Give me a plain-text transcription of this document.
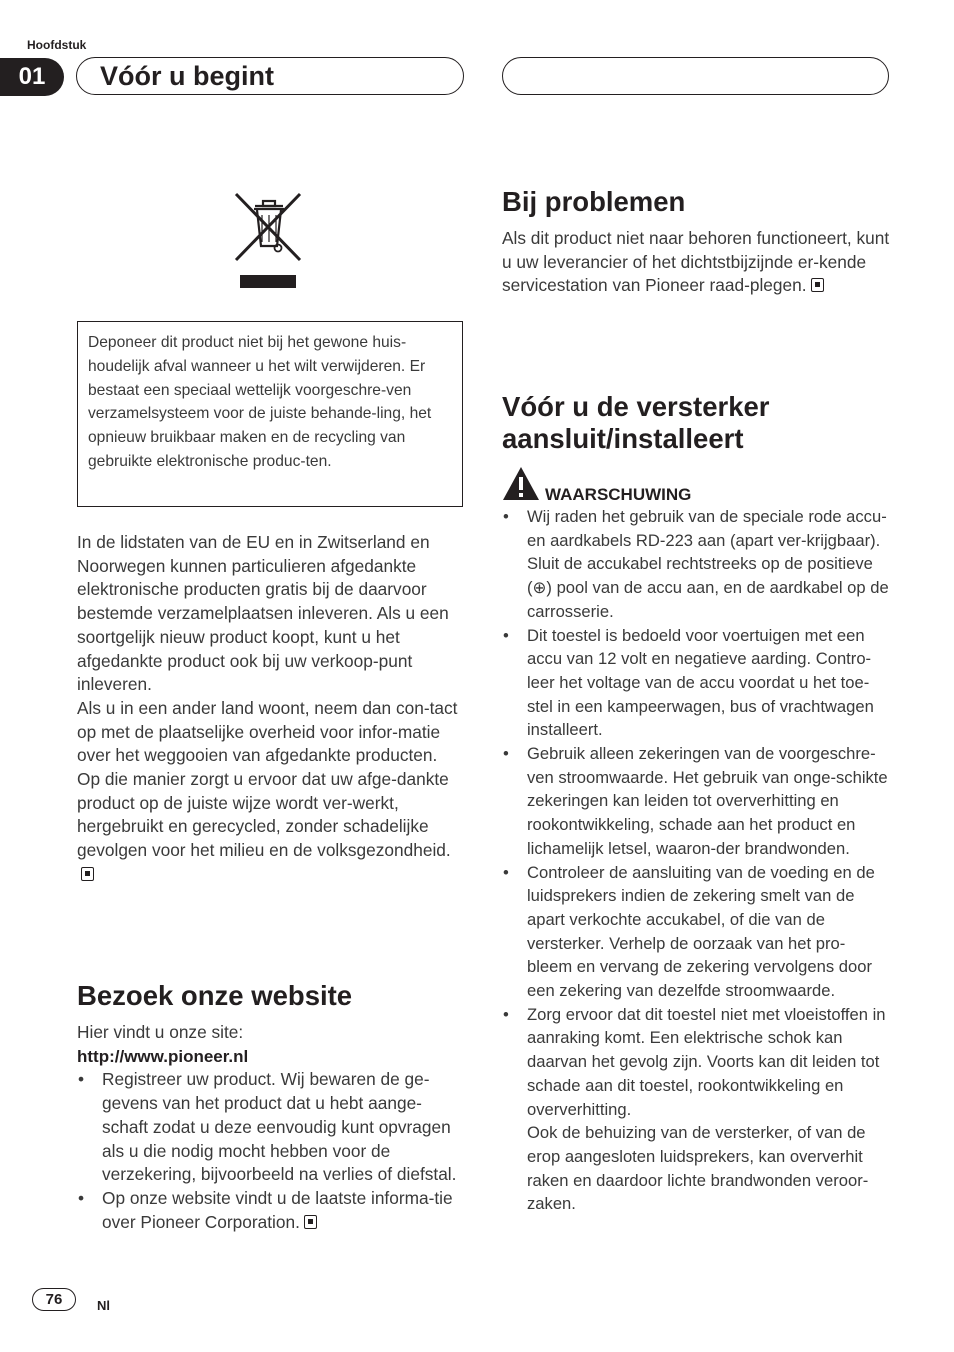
Hoofdstuk
01	Vóór u begint
Deponeer dit product niet bij het gewone huis-houdelijk afval wanneer u het wilt verwijderen. Er bestaat een speciaal wettelijk voorgeschre-ven verzamelsysteem voor de juiste behande-ling, het opnieuw bruikbaar maken en de recycling van gebruikte elektronische produc-ten.
In de lidstaten van de EU en in Zwitserland en Noorwegen kunnen particulieren afgedankte elektronische producten gratis bij de daarvoor bestemde verzamelplaatsen inleveren. Als u een soortgelijk nieuw product koopt, kunt u het afgedankte product ook bij uw verkoop-punt inleveren.
Als u in een ander land woont, neem dan con-tact op met de plaatselijke overheid voor infor-matie over het weggooien van afgedankte producten.
Op die manier zorgt u ervoor dat uw afge-dankte product op de juiste wijze wordt ver-werkt, hergebruikt en gerecycled, zonder schadelijke gevolgen voor het milieu en de volksgezondheid.
Bezoek onze website
Hier vindt u onze site:
http://www.pioneer.nl
• Registreer uw product. Wij bewaren de ge-gevens van het product dat u hebt aange-schaft zodat u deze eenvoudig kunt opvragen als u die nodig mocht hebben voor de verzekering, bijvoorbeeld na verlies of diefstal.
• Op onze website vindt u de laatste informa-tie over Pioneer Corporation.
Bij problemen
Als dit product niet naar behoren functioneert, kunt u uw leverancier of het dichtstbijzijnde er-kende servicestation van Pioneer raad-plegen.
Vóór u de versterker aansluit/installeert
WAARSCHUWING
• Wij raden het gebruik van de speciale rode accu- en aardkabels RD-223 aan (apart ver-krijgbaar). Sluit de accukabel rechtstreeks op de positieve (⊕) pool van de accu aan, en de aardkabel op de carrosserie.
• Dit toestel is bedoeld voor voertuigen met een accu van 12 volt en negatieve aarding. Contro-leer het voltage van de accu voordat u het toe-stel in een kampeerwagen, bus of vrachtwagen installeert.
• Gebruik alleen zekeringen van de voorgeschre-ven stroomwaarde. Het gebruik van onge-schikte zekeringen kan leiden tot oververhitting en rookontwikkeling, schade aan het product en lichamelijk letsel, waaron-der brandwonden.
• Controleer de aansluiting van de voeding en de luidsprekers indien de zekering smelt van de apart verkochte accukabel, of die van de versterker. Verhelp de oorzaak van het pro-bleem en vervang de zekering vervolgens door een zekering van dezelfde stroomwaarde.
• Zorg ervoor dat dit toestel niet met vloeistoffen in aanraking komt. Een elektrische schok kan daarvan het gevolg zijn. Voorts kan dit leiden tot schade aan dit toestel, rookontwikkeling en oververhitting.
Ook de behuizing van de versterker, of van de erop aangesloten luidsprekers, kan oververhit raken en daardoor lichte brandwonden veroor-zaken.
76	Nl
